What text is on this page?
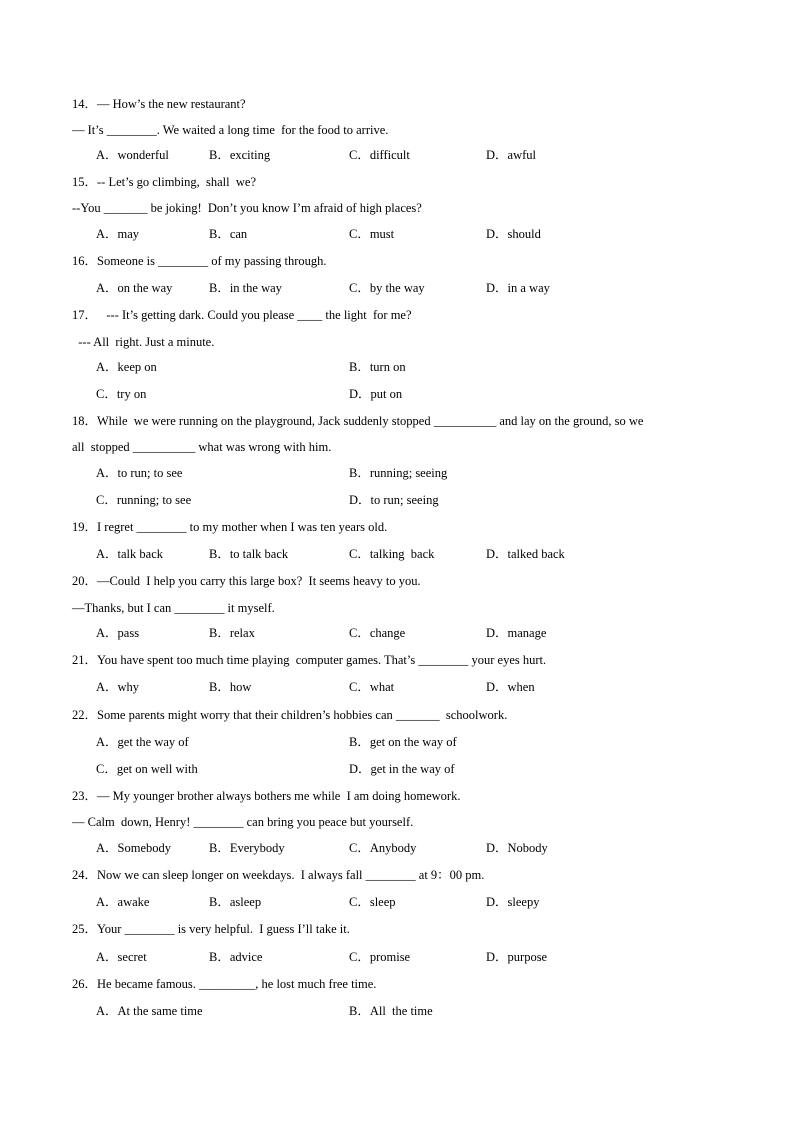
14．— How’s the new restaurant?
— It’s ________. We waited a long time  for the food to arrive.
A．wonderful	B．exciting	C．difficult	D．awful
15．-- Let’s go climbing,  shall  we?
--You _______ be joking!  Don’t you know I’m afraid of high places?
A．may	B．can	C．must	D．should
16．Someone is ________ of my passing through.
A．on the way	B．in the way	C．by the way	D．in a way
17．   --- It’s getting dark. Could you please ____ the light  for me?
--- All  right. Just a minute.
A．keep on	B．turn on
C．try on	D．put on
18．While  we were running on the playground, Jack suddenly stopped __________ and lay on the ground, so we
all  stopped __________ what was wrong with him.
A．to run; to see	B．running; seeing
C．running; to see	D．to run; seeing
19．I regret ________ to my mother when I was ten years old.
A．talk back	B．to talk back	C．talking  back	D．talked back
20．—Could  I help you carry this large box?  It seems heavy to you.
—Thanks, but I can ________ it myself.
A．pass	B．relax	C．change	D．manage
21．You have spent too much time playing  computer games. That’s ________ your eyes hurt.
A．why	B．how	C．what	D．when
22．Some parents might worry that their children’s hobbies can _______  schoolwork.
A．get the way of	B．get on the way of
C．get on well with	D．get in the way of
23．— My younger brother always bothers me while  I am doing homework.
— Calm  down, Henry! ________ can bring you peace but yourself.
A．Somebody	B．Everybody	C．Anybody	D．Nobody
24．Now we can sleep longer on weekdays.  I always fall ________ at 9：00 pm.
A．awake	B．asleep	C．sleep	D．sleepy
25．Your ________ is very helpful.  I guess I’ll take it.
A．secret	B．advice	C．promise	D．purpose
26．He became famous. _________, he lost much free time.
A．At the same time	B．All  the time
